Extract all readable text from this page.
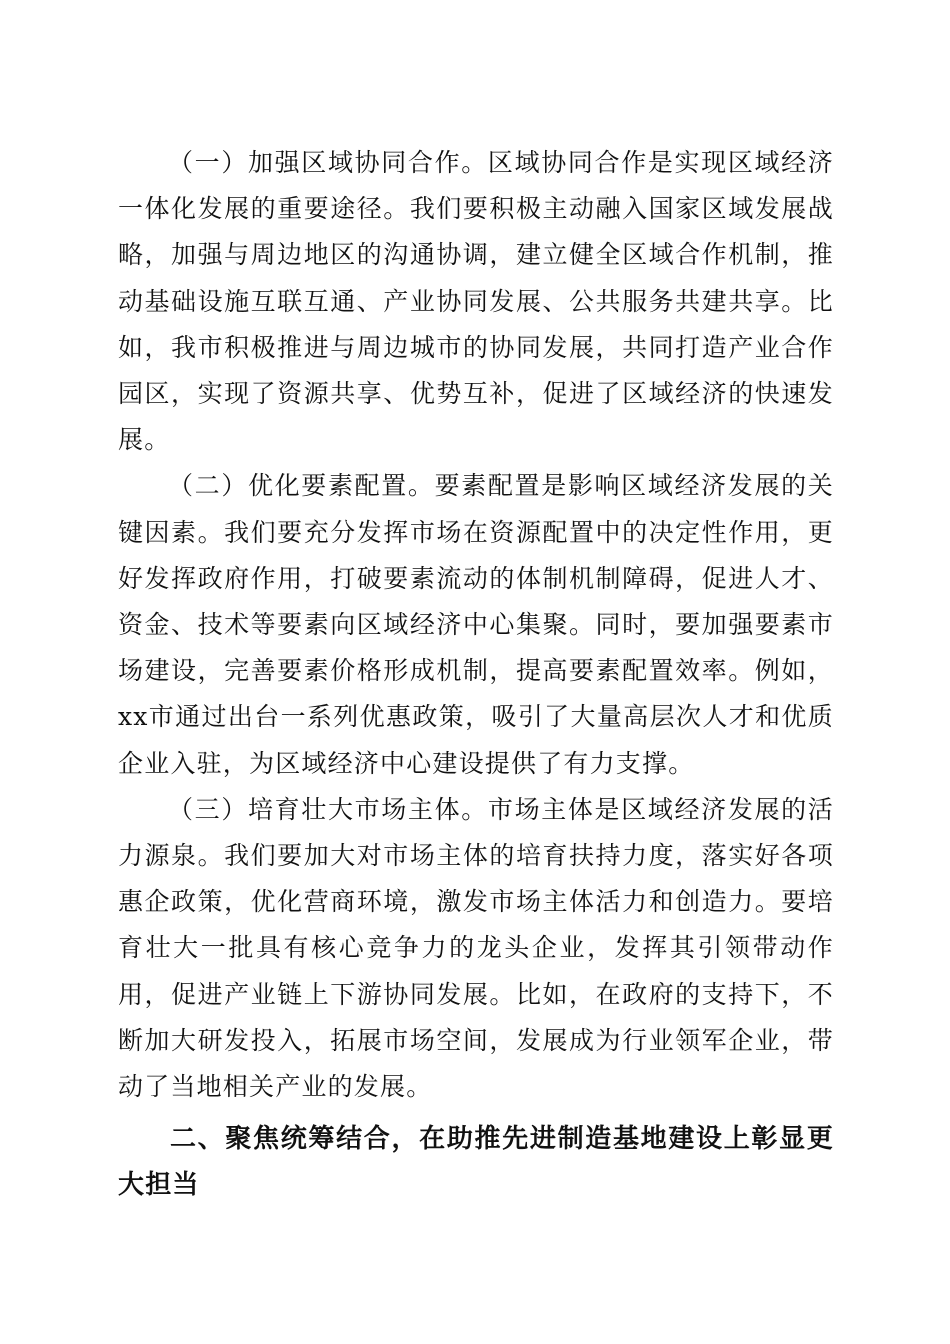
（一）加强区域协同合作。区域协同合作是实现区域经济一体化发展的重要途径。我们要积极主动融入国家区域发展战略，加强与周边地区的沟通协调，建立健全区域合作机制，推动基础设施互联互通、产业协同发展、公共服务共建共享。比如，我市积极推进与周边城市的协同发展，共同打造产业合作园区，实现了资源共享、优势互补，促进了区域经济的快速发展。

（二）优化要素配置。要素配置是影响区域经济发展的关键因素。我们要充分发挥市场在资源配置中的决定性作用，更好发挥政府作用，打破要素流动的体制机制障碍，促进人才、资金、技术等要素向区域经济中心集聚。同时，要加强要素市场建设，完善要素价格形成机制，提高要素配置效率。例如，xx市通过出台一系列优惠政策，吸引了大量高层次人才和优质企业入驻，为区域经济中心建设提供了有力支撑。

（三）培育壮大市场主体。市场主体是区域经济发展的活力源泉。我们要加大对市场主体的培育扶持力度，落实好各项惠企政策，优化营商环境，激发市场主体活力和创造力。要培育壮大一批具有核心竞争力的龙头企业，发挥其引领带动作用，促进产业链上下游协同发展。比如，在政府的支持下，不断加大研发投入，拓展市场空间，发展成为行业领军企业，带动了当地相关产业的发展。

二、聚焦统筹结合，在助推先进制造基地建设上彰显更大担当
